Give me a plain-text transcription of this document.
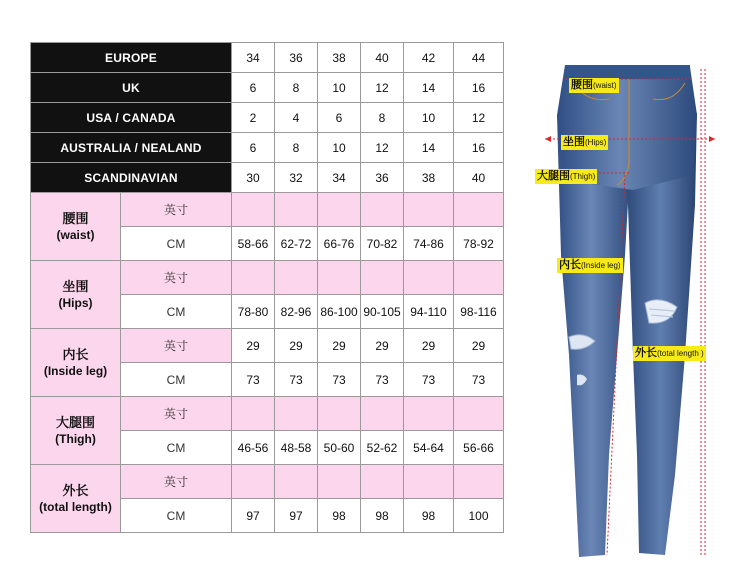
EUROPE		34	36	38	40	42	44
UK		6	8	10	12	14	16
USA / CANADA		2	4	6	8	10	12
AUSTRALIA / NEALAND		6	8	10	12	14	16
SCANDINAVIAN		30	32	34	36	38	40

腰围
(waist)	英寸						
	CM	58-66	62-72	66-76	70-82	74-86	78-92

坐围
(Hips)	英寸						
	CM	78-80	82-96	86-100	90-105	94-110	98-116

内长
(Inside leg)	英寸	29	29	29	29	29	29
	CM	73	73	73	73	73	73

大腿围
(Thigh)	英寸						
	CM	46-56	48-58	50-60	52-62	54-64	56-66

外长
(total length)	英寸						
	CM	97	97	98	98	98	100
腰围(waist)
坐围(Hips)
大腿围(Thigh)
内长(Inside leg)
外长(total length )
